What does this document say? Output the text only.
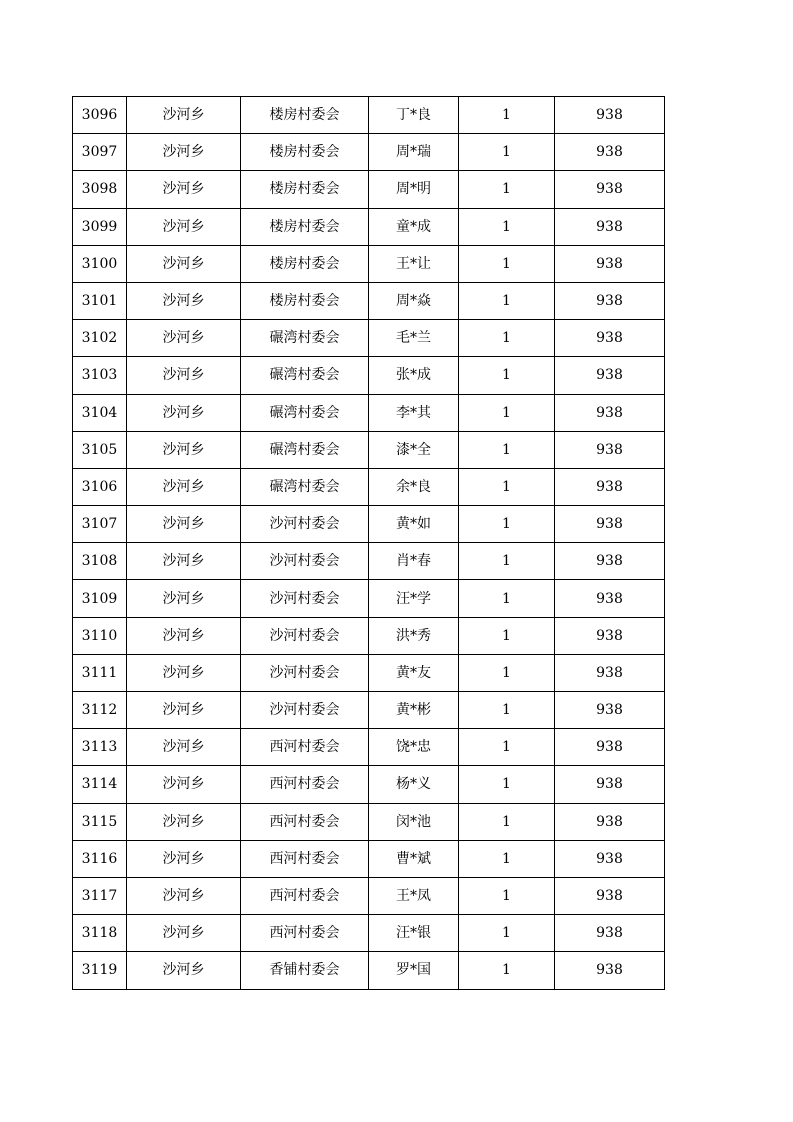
3096	沙河乡	楼房村委会	丁*良	1	938
3097	沙河乡	楼房村委会	周*瑞	1	938
3098	沙河乡	楼房村委会	周*明	1	938
3099	沙河乡	楼房村委会	童*成	1	938
3100	沙河乡	楼房村委会	王*让	1	938
3101	沙河乡	楼房村委会	周*焱	1	938
3102	沙河乡	碾湾村委会	毛*兰	1	938
3103	沙河乡	碾湾村委会	张*成	1	938
3104	沙河乡	碾湾村委会	李*其	1	938
3105	沙河乡	碾湾村委会	漆*全	1	938
3106	沙河乡	碾湾村委会	余*良	1	938
3107	沙河乡	沙河村委会	黄*如	1	938
3108	沙河乡	沙河村委会	肖*春	1	938
3109	沙河乡	沙河村委会	汪*学	1	938
3110	沙河乡	沙河村委会	洪*秀	1	938
3111	沙河乡	沙河村委会	黄*友	1	938
3112	沙河乡	沙河村委会	黄*彬	1	938
3113	沙河乡	西河村委会	饶*忠	1	938
3114	沙河乡	西河村委会	杨*义	1	938
3115	沙河乡	西河村委会	闵*池	1	938
3116	沙河乡	西河村委会	曹*斌	1	938
3117	沙河乡	西河村委会	王*凤	1	938
3118	沙河乡	西河村委会	汪*银	1	938
3119	沙河乡	香铺村委会	罗*国	1	938
